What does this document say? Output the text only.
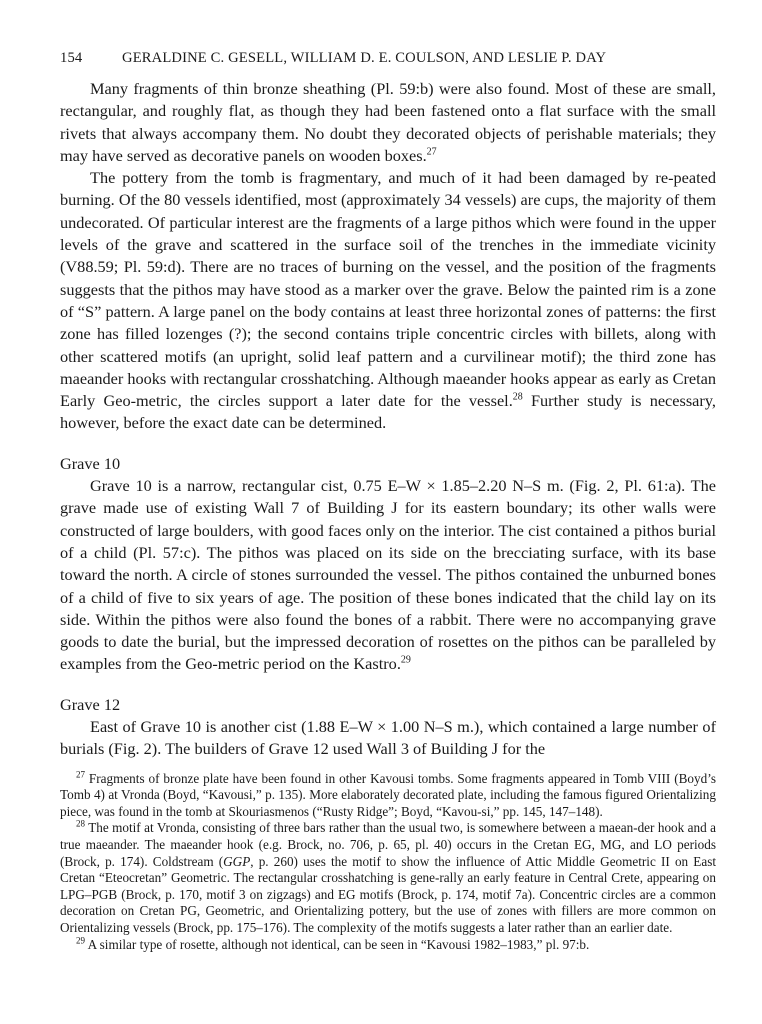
154	GERALDINE C. GESELL, WILLIAM D. E. COULSON, AND LESLIE P. DAY

Many fragments of thin bronze sheathing (Pl. 59:b) were also found. Most of these are small, rectangular, and roughly flat, as though they had been fastened onto a flat surface with the small rivets that always accompany them. No doubt they decorated objects of perishable materials; they may have served as decorative panels on wooden boxes.$^{27}$

The pottery from the tomb is fragmentary, and much of it had been damaged by re-peated burning. Of the 80 vessels identified, most (approximately 34 vessels) are cups, the majority of them undecorated. Of particular interest are the fragments of a large pithos which were found in the upper levels of the grave and scattered in the surface soil of the trenches in the immediate vicinity (V88.59; Pl. 59:d). There are no traces of burning on the vessel, and the position of the fragments suggests that the pithos may have stood as a marker over the grave. Below the painted rim is a zone of “S” pattern. A large panel on the body contains at least three horizontal zones of patterns: the first zone has filled lozenges (?); the second contains triple concentric circles with billets, along with other scattered motifs (an upright, solid leaf pattern and a curvilinear motif); the third zone has maeander hooks with rectangular crosshatching. Although maeander hooks appear as early as Cretan Early Geo-metric, the circles support a later date for the vessel.$^{28}$ Further study is necessary, however, before the exact date can be determined.

Grave 10

Grave 10 is a narrow, rectangular cist, 0.75 E–W × 1.85–2.20 N–S m. (Fig. 2, Pl. 61:a). The grave made use of existing Wall 7 of Building J for its eastern boundary; its other walls were constructed of large boulders, with good faces only on the interior. The cist contained a pithos burial of a child (Pl. 57:c). The pithos was placed on its side on the brecciating surface, with its base toward the north. A circle of stones surrounded the vessel. The pithos contained the unburned bones of a child of five to six years of age. The position of these bones indicated that the child lay on its side. Within the pithos were also found the bones of a rabbit. There were no accompanying grave goods to date the burial, but the impressed decoration of rosettes on the pithos can be paralleled by examples from the Geo-metric period on the Kastro.$^{29}$

Grave 12

East of Grave 10 is another cist (1.88 E–W × 1.00 N–S m.), which contained a large number of burials (Fig. 2). The builders of Grave 12 used Wall 3 of Building J for the

$^{27}$ Fragments of bronze plate have been found in other Kavousi tombs. Some fragments appeared in Tomb VIII (Boyd’s Tomb 4) at Vronda (Boyd, “Kavousi,” p. 135). More elaborately decorated plate, including the famous figured Orientalizing piece, was found in the tomb at Skouriasmenos (“Rusty Ridge”; Boyd, “Kavou-si,” pp. 145, 147–148).

$^{28}$ The motif at Vronda, consisting of three bars rather than the usual two, is somewhere between a maean-der hook and a true maeander. The maeander hook (e.g. Brock, no. 706, p. 65, pl. 40) occurs in the Cretan EG, MG, and LO periods (Brock, p. 174). Coldstream (GGP, p. 260) uses the motif to show the influence of Attic Middle Geometric II on East Cretan “Eteocretan” Geometric. The rectangular crosshatching is gene-rally an early feature in Central Crete, appearing on LPG–PGB (Brock, p. 170, motif 3 on zigzags) and EG motifs (Brock, p. 174, motif 7a). Concentric circles are a common decoration on Cretan PG, Geometric, and Orientalizing pottery, but the use of zones with fillers are more common on Orientalizing vessels (Brock, pp. 175–176). The complexity of the motifs suggests a later rather than an earlier date.

$^{29}$ A similar type of rosette, although not identical, can be seen in “Kavousi 1982–1983,” pl. 97:b.
